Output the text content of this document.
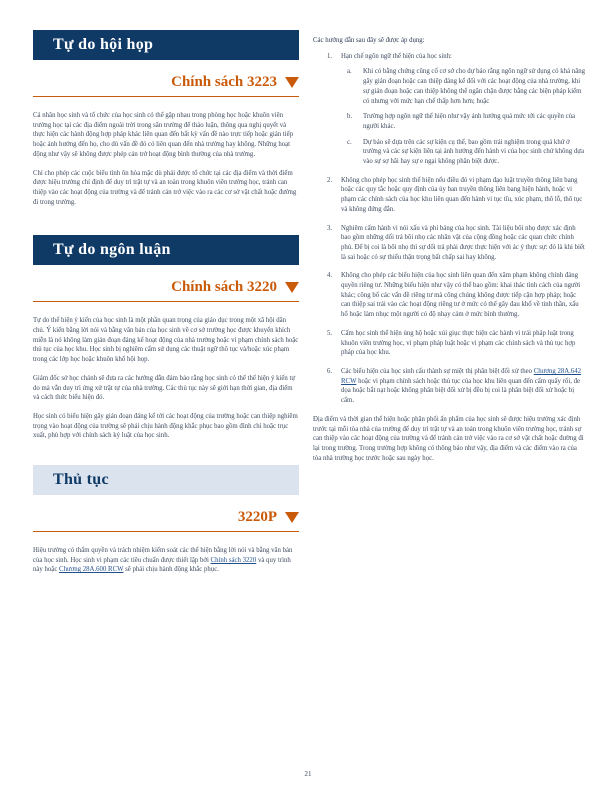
Tự do hội họp
Chính sách 3223

Cá nhân học sinh và tổ chức của học sinh có thể gặp nhau trong phòng học hoặc khuôn viên trường học tại các địa điểm ngoài trời trong sân trường để thảo luận, thông qua nghị quyết và thực hiện các hành động hợp pháp khác liên quan đến bất kỳ vấn đề nào trực tiếp hoặc gián tiếp hoặc ảnh hưởng đến họ, cho dù vấn đề đó có liên quan đến nhà trường hay không. Những hoạt động như vậy sẽ không được phép cản trở hoạt động bình thường của nhà trường.

Chỉ cho phép các cuộc biểu tình ôn hòa mặc dù phải được tổ chức tại các địa điểm và thời điểm được hiệu trưởng chỉ định để duy trì trật tự và an toàn trong khuôn viên trường học, tránh can thiệp vào các hoạt động của trường và để tránh cản trở việc vào ra các cơ sở vật chất hoặc đường đi trong trường.

Tự do ngôn luận
Chính sách 3220

Tự do thể hiện ý kiến của học sinh là một phần quan trọng của giáo dục trong một xã hội dân chủ. Ý kiến bằng lời nói và bằng văn bản của học sinh về cơ sở trường học được khuyến khích miễn là nó không làm gián đoạn đáng kể hoạt động của nhà trường hoặc vi phạm chính sách hoặc thủ tục của học khu. Học sinh bị nghiêm cấm sử dụng các thuật ngữ thô tục và/hoặc xúc phạm trong các lớp học hoặc khuôn khổ hội họp.

Giám đốc sở học chánh sẽ đưa ra các hướng dẫn đảm bảo rằng học sinh có thể thể hiện ý kiến tự do mà vẫn duy trì ứng xử trật tự của nhà trường. Các thủ tục này sẽ giới hạn thời gian, địa điểm và cách thức biểu hiện đó.

Học sinh có biểu hiện gây gián đoạn đáng kể tới các hoạt động của trường hoặc can thiệp nghiêm trọng vào hoạt động của trường sẽ phải chịu hành động khắc phục bao gồm đình chỉ hoặc trục xuất, phù hợp với chính sách kỷ luật của học sinh.

Thủ tục
3220P

Hiệu trưởng có thẩm quyền và trách nhiệm kiểm soát các thể hiện bằng lời nói và bằng văn bản của học sinh. Học sinh vi phạm các tiêu chuẩn được thiết lập bởi Chính sách 3220 và quy trình này hoặc Chương 28A.600 RCW sẽ phải chịu hành động khắc phục.

Các hướng dẫn sau đây sẽ được áp dụng:
1. Hạn chế ngôn ngữ thể hiện của học sinh:
a. Khi có bằng chứng cũng cố cơ sở cho dự báo rằng ngôn ngữ sử dụng có khả năng gây gián đoạn hoặc can thiệp đáng kể đối với các hoạt động của nhà trường, khi sự gián đoạn hoặc can thiệp không thể ngăn chặn được bằng các biện pháp kiểm có nhưng với mức hạn chế thấp hơn hơn; hoặc
b. Trường hợp ngôn ngữ thể hiện như vậy ảnh hưởng quá mức tới các quyền của người khác.
c. Dự báo sẽ dựa trên các sự kiện cụ thể, bao gồm trải nghiệm trong quá khứ ở trường và các sự kiện liên tại ảnh hưởng đến hành vi của học sinh chứ không dựa vào sự sợ hãi hay sự e ngại không phân biệt được.
2. Không cho phép học sinh thể hiện nếu điều đó vi phạm đạo luật truyền thông liên bang hoặc các quy tắc hoặc quy định của ủy ban truyền thông liên bang hiện hành, hoặc vi phạm các chính sách của học khu liên quan đến hành vi tục tĩu, xúc phạm, thô lỗ, thô tục và không đứng đắn.
3. Nghiêm cấm hành vi nói xấu và phỉ báng của học sinh. Tài liệu bôi nhọ được xác định bao gồm những dối trá bôi nhọ các nhân vật của cộng đồng hoặc các quan chức chính phủ. Để bị coi là bôi nhọ thì sự dối trá phải được thực hiện với ác ý thực sự: đó là khi biết là sai hoặc có sự thiếu thận trọng bất chấp sai hay không.
4. Không cho phép các biểu hiện của học sinh liên quan đến xâm phạm không chính đáng quyền riêng tư. Những biểu hiện như vậy có thể bao gồm: khai thác tình cách của người khác; công bố các vấn đề riêng tư mà công chúng không được tiếp cận hợp pháp; hoặc can thiệp sai trái vào các hoạt động riêng tư ở mức có thể gây đau khổ về tinh thần, xấu hổ hoặc làm nhục một người có độ nhạy cảm ở mức bình thường.
5. Cấm học sinh thể hiện ủng hộ hoặc xúi giục thực hiện các hành vi trái pháp luật trong khuôn viên trường học, vi phạm pháp luật hoặc vi phạm các chính sách và thủ tục hợp pháp của học khu.
6. Các biểu hiện của học sinh cấu thành sự miệt thị phân biệt đối xử theo Chương 28A.642 RCW hoặc vi phạm chính sách hoặc thủ tục của học khu liên quan đến cấm quấy rối, đe dọa hoặc bắt nạt hoặc không phân biệt đối xử bị đều bị coi là phân biệt đối xử hoặc bị cấm.

Địa điểm và thời gian thể hiện hoặc phân phối ấn phẩm của học sinh sẽ được hiệu trưởng xác định trước tại mỗi tòa nhà của trường để duy trì trật tự và an toàn trong khuôn viên trường học, tránh sự can thiệp vào các hoạt động của trường và để tránh cản trở việc vào ra cơ sở vật chất hoặc đường đi lại trong trường. Trong trường hợp không có thông báo như vậy, địa điểm và các điểm vào ra của tòa nhà trường học trước hoặc sau ngày học.

21
